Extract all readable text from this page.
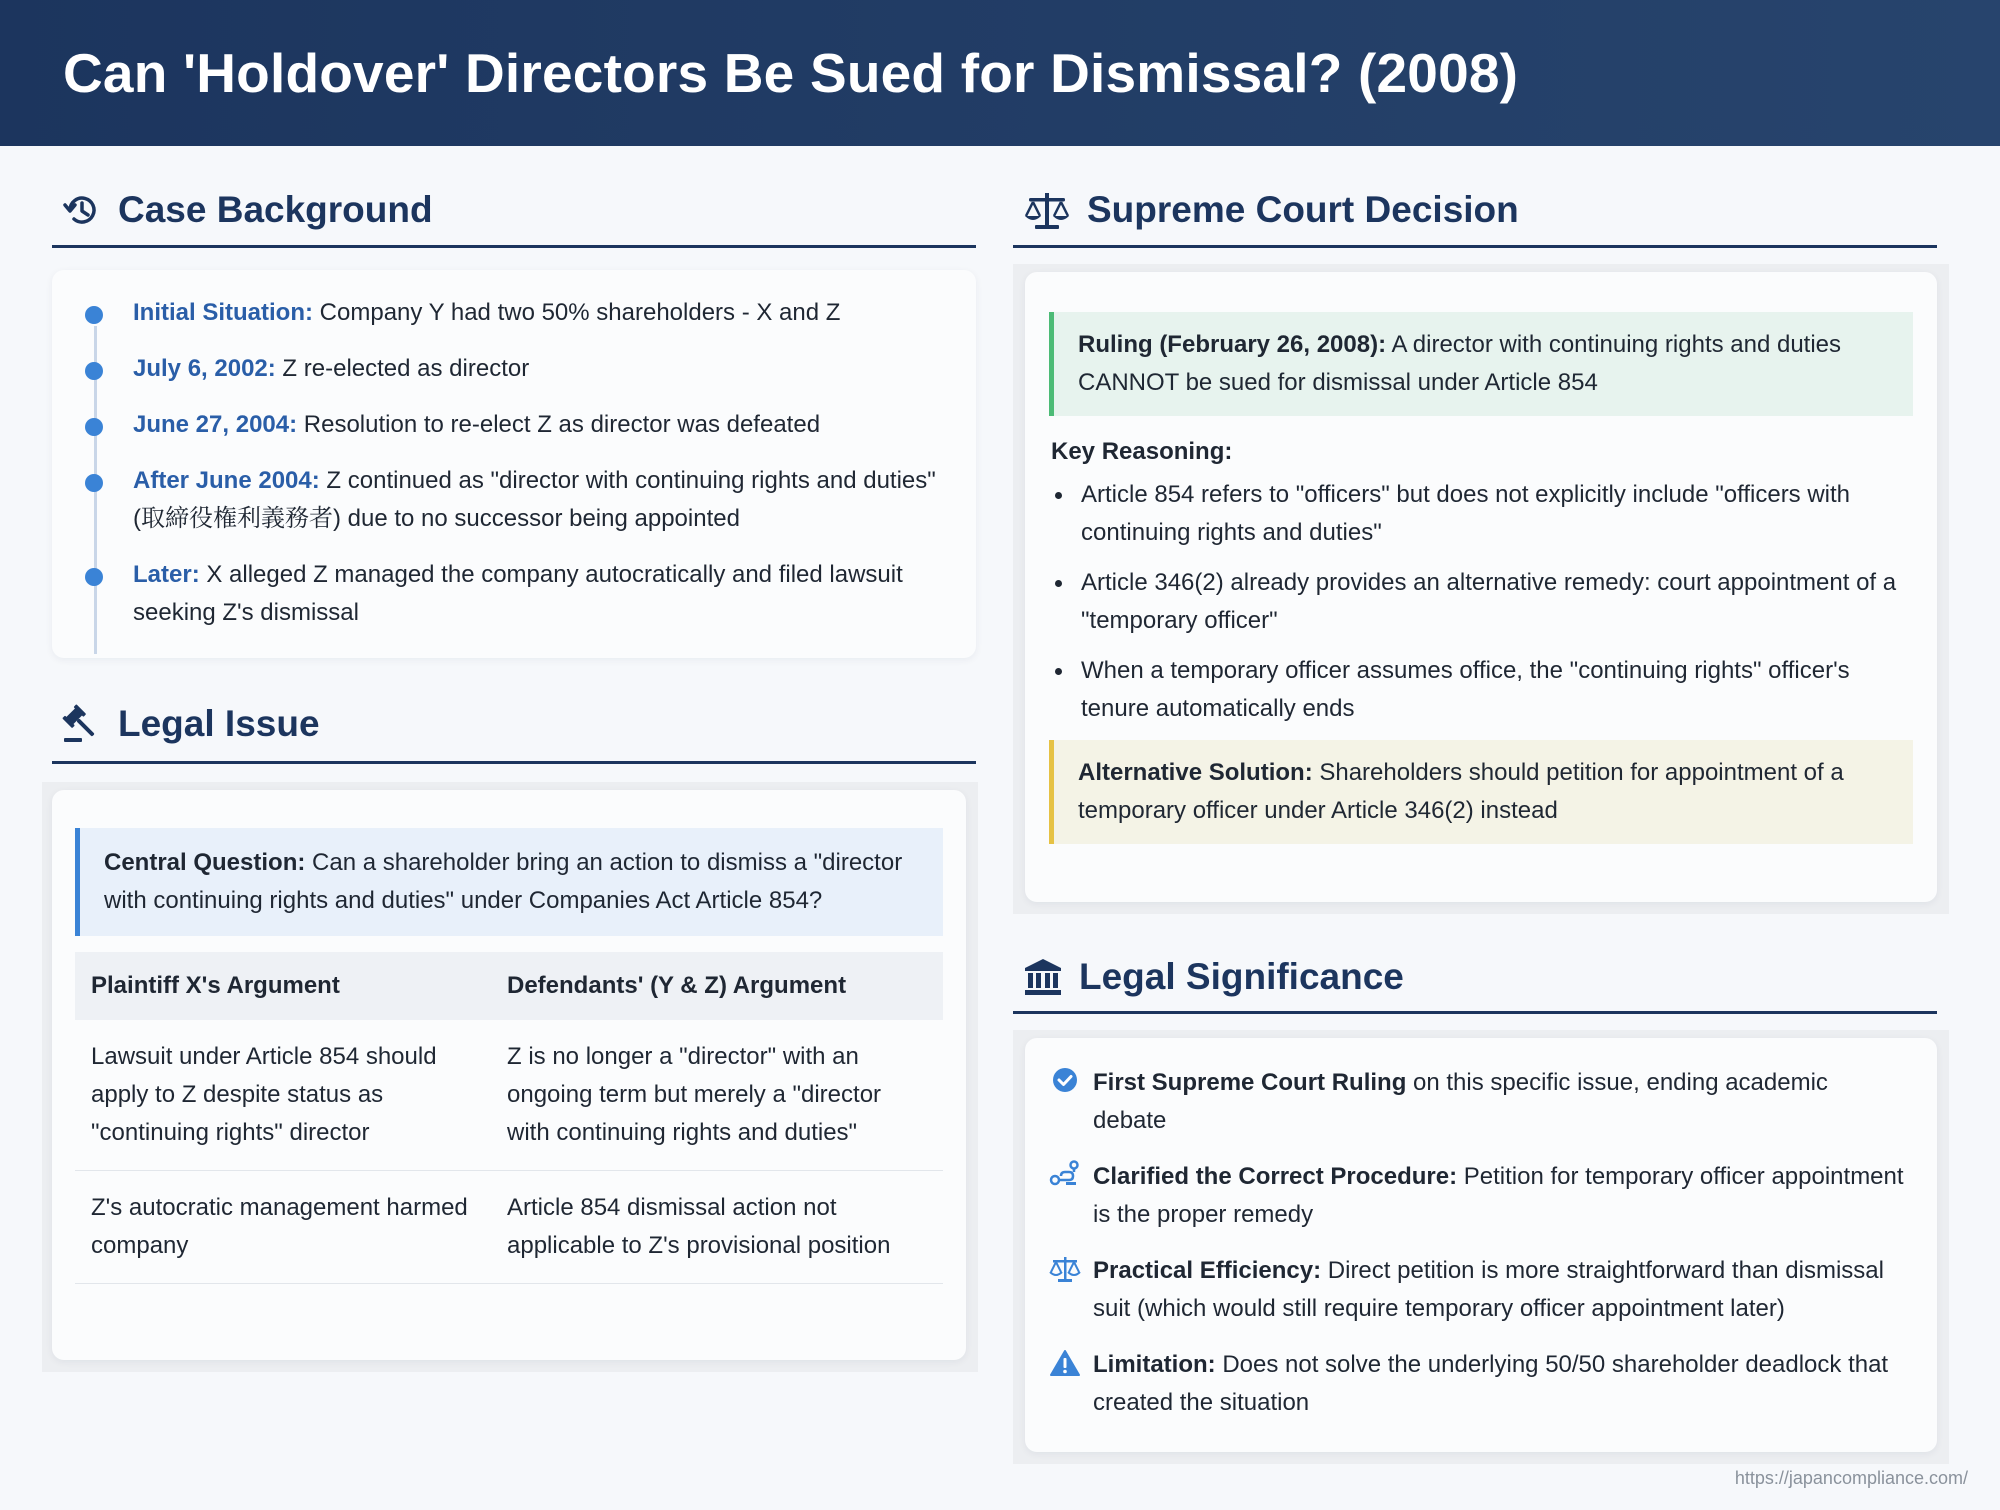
Can 'Holdover' Directors Be Sued for Dismissal? (2008)
Case Background
Initial Situation: Company Y had two 50% shareholders - X and Z
July 6, 2002: Z re-elected as director
June 27, 2004: Resolution to re-elect Z as director was defeated
After June 2004: Z continued as "director with continuing rights and duties" (取締役権利義務者) due to no successor being appointed
Later: X alleged Z managed the company autocratically and filed lawsuit seeking Z's dismissal
Legal Issue
Central Question: Can a shareholder bring an action to dismiss a "director with continuing rights and duties" under Companies Act Article 854?
Plaintiff X's Argument	Defendants' (Y & Z) Argument
Lawsuit under Article 854 should apply to Z despite status as "continuing rights" director	Z is no longer a "director" with an ongoing term but merely a "director with continuing rights and duties"
Z's autocratic management harmed company	Article 854 dismissal action not applicable to Z's provisional position
Supreme Court Decision
Ruling (February 26, 2008): A director with continuing rights and duties CANNOT be sued for dismissal under Article 854
Key Reasoning:
Article 854 refers to "officers" but does not explicitly include "officers with continuing rights and duties"
Article 346(2) already provides an alternative remedy: court appointment of a "temporary officer"
When a temporary officer assumes office, the "continuing rights" officer's tenure automatically ends
Alternative Solution: Shareholders should petition for appointment of a temporary officer under Article 346(2) instead
Legal Significance
First Supreme Court Ruling on this specific issue, ending academic debate
Clarified the Correct Procedure: Petition for temporary officer appointment is the proper remedy
Practical Efficiency: Direct petition is more straightforward than dismissal suit (which would still require temporary officer appointment later)
Limitation: Does not solve the underlying 50/50 shareholder deadlock that created the situation
https://japancompliance.com/
